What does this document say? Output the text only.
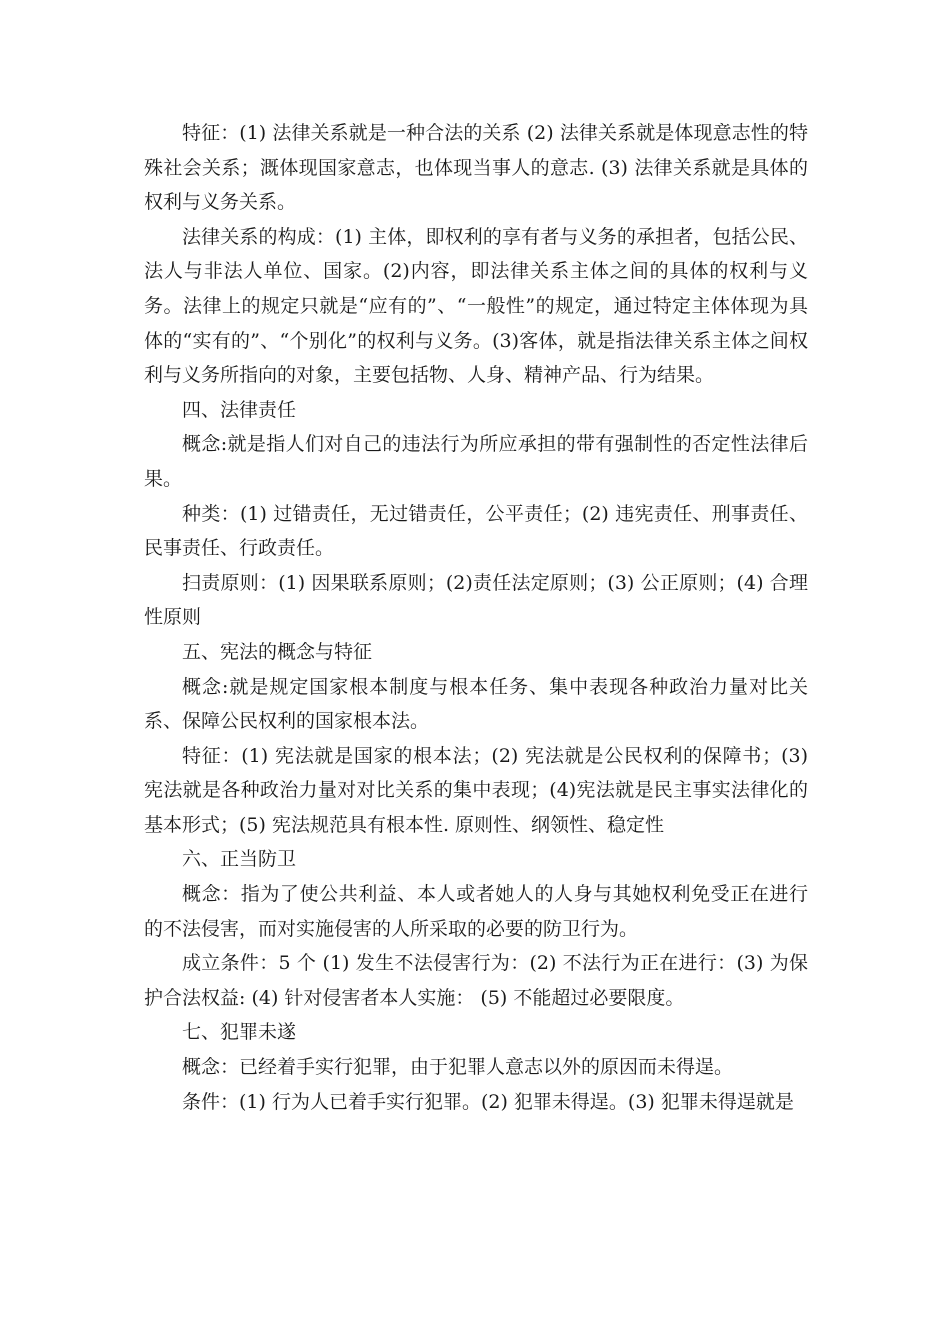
特征：(1) 法律关系就是一种合法的关系 (2) 法律关系就是体现意志性的特殊社会关系；溉体现国家意志，也体现当事人的意志. (3) 法律关系就是具体的权利与义务关系。

法律关系的构成：(1) 主体，即权利的享有者与义务的承担者，包括公民、法人与非法人单位、国家。(2)内容，即法律关系主体之间的具体的权利与义务。法律上的规定只就是“应有的”、“一般性”的规定，通过特定主体体现为具体的“实有的”、“个别化”的权利与义务。(3)客体，就是指法律关系主体之间权利与义务所指向的对象，主要包括物、人身、精神产品、行为结果。

四、法律责任

概念:就是指人们对自己的违法行为所应承担的带有强制性的否定性法律后果。

种类：(1) 过错责任，无过错责任，公平责任；(2) 违宪责任、刑事责任、民事责任、行政责任。

扫责原则：(1) 因果联系原则；(2)责任法定原则；(3) 公正原则；(4) 合理性原则

五、宪法的概念与特征

概念:就是规定国家根本制度与根本任务、集中表现各种政治力量对比关系、保障公民权利的国家根本法。

特征：(1) 宪法就是国家的根本法；(2) 宪法就是公民权利的保障书；(3) 宪法就是各种政治力量对对比关系的集中表现；(4)宪法就是民主事实法律化的基本形式；(5) 宪法规范具有根本性. 原则性、纲领性、稳定性

六、正当防卫

概念：指为了使公共利益、本人或者她人的人身与其她权利免受正在进行的不法侵害，而对实施侵害的人所采取的必要的防卫行为。

成立条件：5 个 (1) 发生不法侵害行为：(2) 不法行为正在进行：(3) 为保护合法权益: (4) 针对侵害者本人实施： (5) 不能超过必要限度。

七、犯罪未遂

概念：已经着手实行犯罪，由于犯罪人意志以外的原因而未得逞。

条件：(1) 行为人已着手实行犯罪。(2) 犯罪未得逞。(3) 犯罪未得逞就是
